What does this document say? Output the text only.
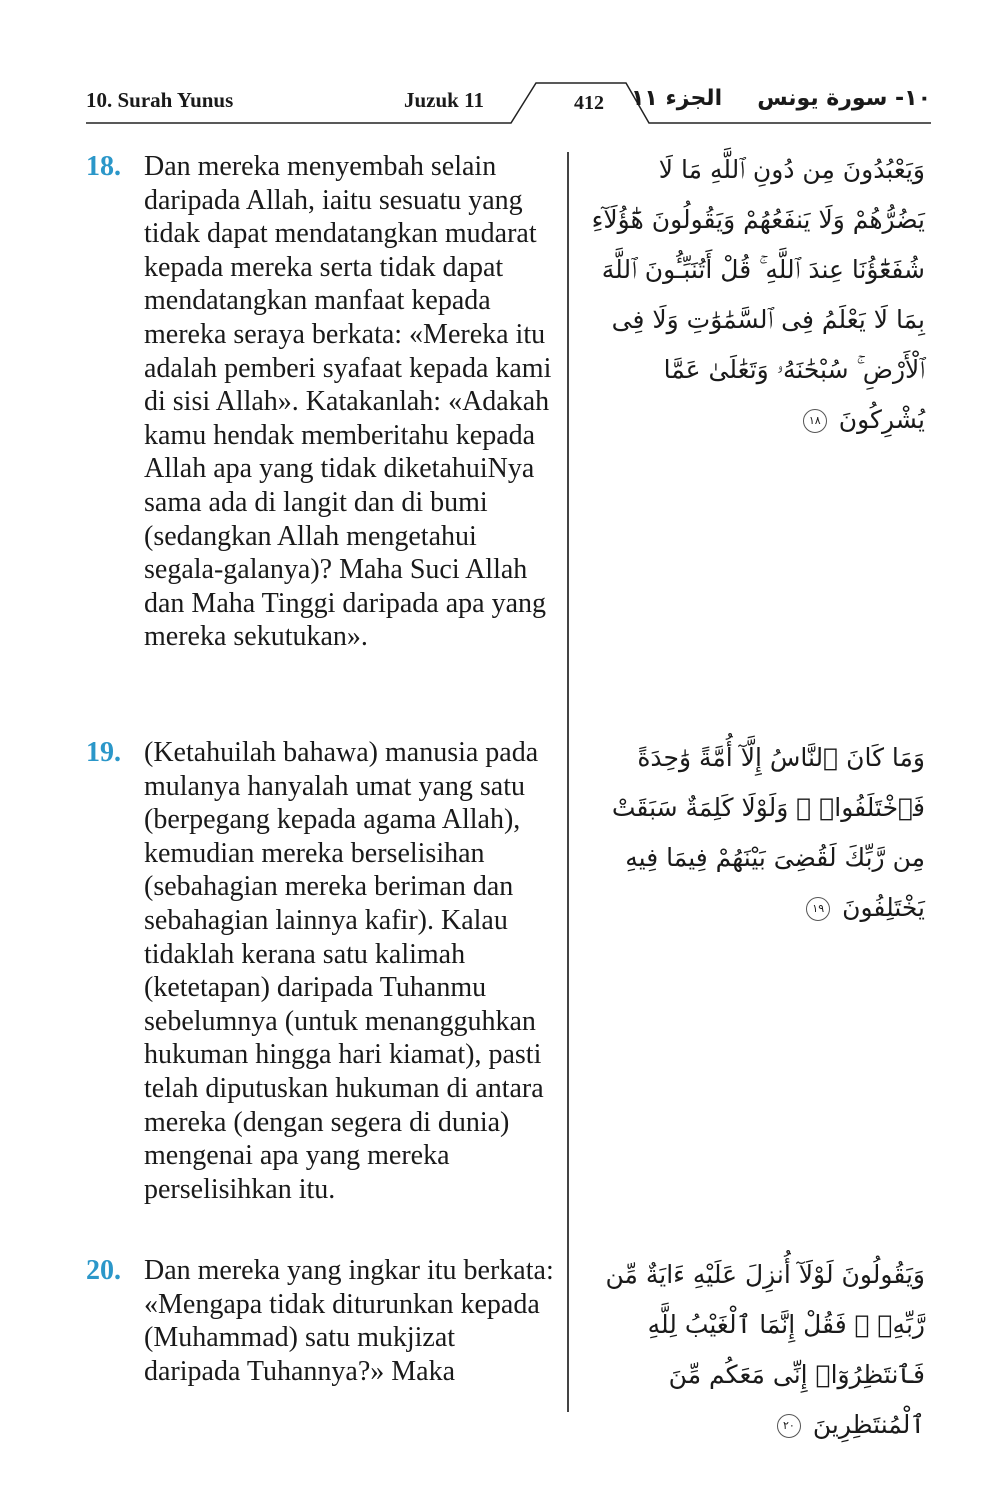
10. Surah Yunus	Juzuk 11	412	الجزء ١١ ١٠- سورة يونس
18. Dan mereka menyembah selain daripada Allah, iaitu sesuatu yang tidak dapat mendatangkan mudarat kepada mereka serta tidak dapat mendatangkan manfaat kepada mereka seraya berkata: «Mereka itu adalah pemberi syafaat kepada kami di sisi Allah». Katakanlah: «Adakah kamu hendak memberitahu kepada Allah apa yang tidak diketahuiNya sama ada di langit dan di bumi (sedangkan Allah mengetahui segala-galanya)? Maha Suci Allah dan Maha Tinggi daripada apa yang mereka sekutukan».
وَيَعْبُدُونَ مِن دُونِ ٱللَّهِ مَا لَا يَضُرُّهُمْ وَلَا يَنفَعُهُمْ وَيَقُولُونَ هَٰٓؤُلَآءِ شُفَعَٰٓؤُنَا عِندَ ٱللَّهِ ۚ قُلْ أَتُنَبِّـُٔونَ ٱللَّهَ بِمَا لَا يَعْلَمُ فِى ٱلسَّمَٰوَٰتِ وَلَا فِى ٱلْأَرْضِ ۚ سُبْحَٰنَهُۥ وَتَعَٰلَىٰ عَمَّا يُشْرِكُونَ ١٨
19. (Ketahuilah bahawa) manusia pada mulanya hanyalah umat yang satu (berpegang kepada agama Allah), kemudian mereka berselisihan (sebahagian mereka beriman dan sebahagian lainnya kafir). Kalau tidaklah kerana satu kalimah (ketetapan) daripada Tuhanmu sebelumnya (untuk menangguhkan hukuman hingga hari kiamat), pasti telah diputuskan hukuman di antara mereka (dengan segera di dunia) mengenai apa yang mereka perselisihkan itu.
وَمَا كَانَ ٱلنَّاسُ إِلَّآ أُمَّةً وَٰحِدَةً فَٱخْتَلَفُوا۟ ۚ وَلَوْلَا كَلِمَةٌ سَبَقَتْ مِن رَّبِّكَ لَقُضِىَ بَيْنَهُمْ فِيمَا فِيهِ يَخْتَلِفُونَ ١٩
20. Dan mereka yang ingkar itu berkata: «Mengapa tidak diturunkan kepada (Muhammad) satu mukjizat daripada Tuhannya?» Maka
وَيَقُولُونَ لَوْلَآ أُنزِلَ عَلَيْهِ ءَايَةٌ مِّن رَّبِّهِۦ ۖ فَقُلْ إِنَّمَا ٱلْغَيْبُ لِلَّهِ فَٱنتَظِرُوٓا۟ إِنِّى مَعَكُم مِّنَ ٱلْمُنتَظِرِينَ ٢٠
